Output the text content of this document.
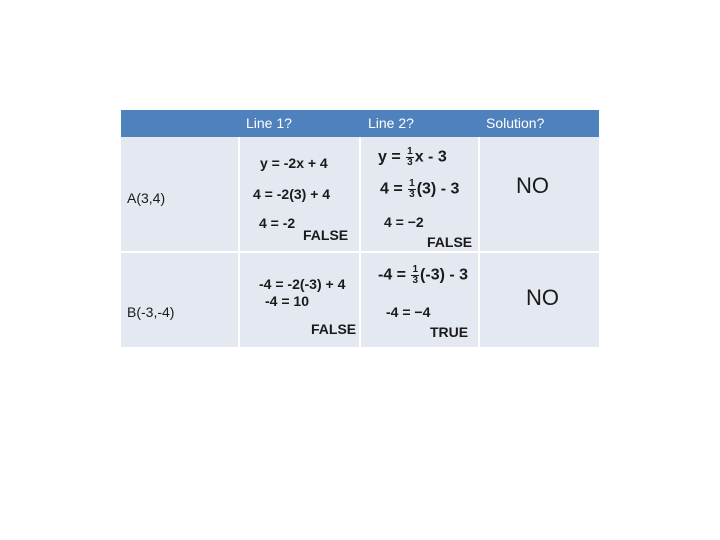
Line 1?	Line 2?	Solution?
A(3,4)
y = -2x + 4
4 = -2(3) + 4
4 = -2
FALSE
$y = \frac{1}{3}$ x - 3
$4 = \frac{1}{3} (3) - 3$
4 = −2
FALSE
NO
B(-3,-4)
-4 = -2(-3) + 4
-4 = 10
FALSE
$-4 = \frac{1}{3} (-3) - 3$
-4 = −4
TRUE
NO
